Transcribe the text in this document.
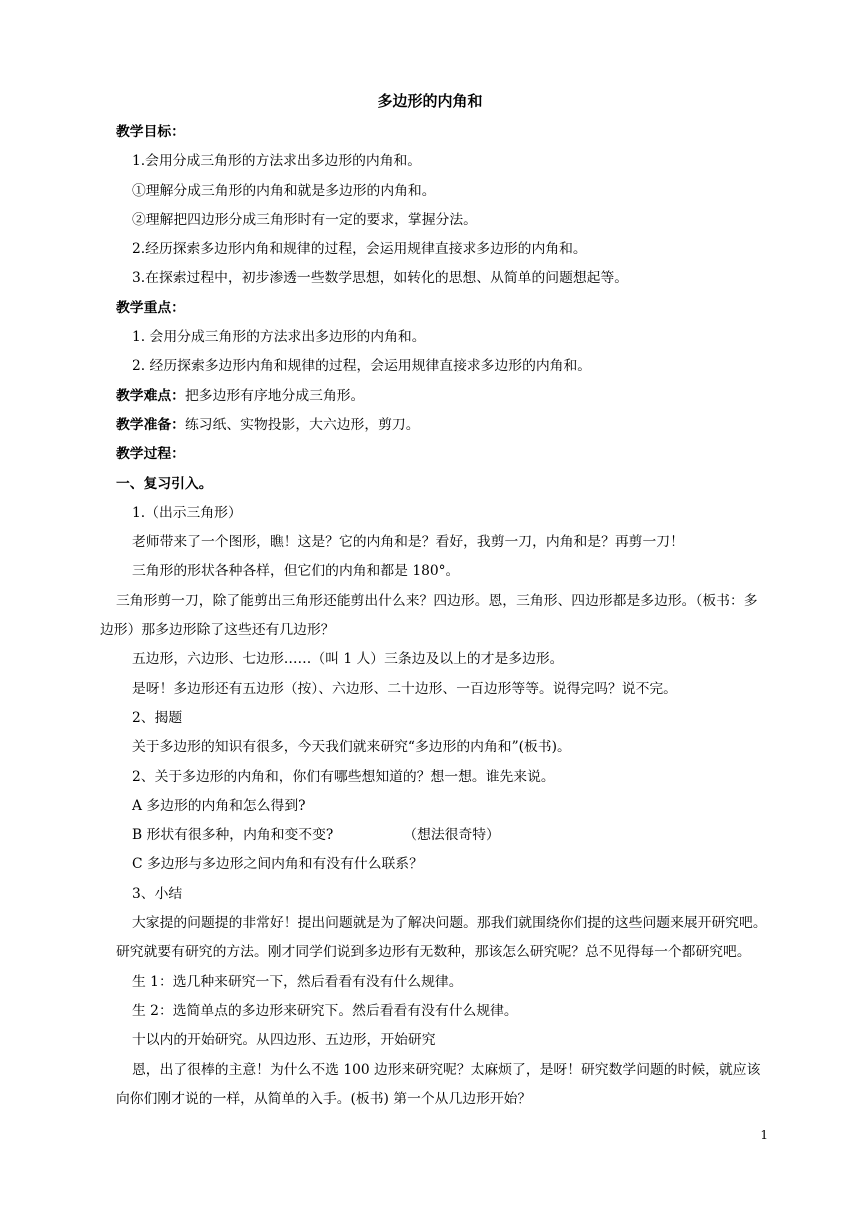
多边形的内角和

教学目标：

1.会用分成三角形的方法求出多边形的内角和。

①理解分成三角形的内角和就是多边形的内角和。

②理解把四边形分成三角形时有一定的要求，掌握分法。

2.经历探索多边形内角和规律的过程，会运用规律直接求多边形的内角和。

3.在探索过程中，初步渗透一些数学思想，如转化的思想、从简单的问题想起等。

教学重点：

1. 会用分成三角形的方法求出多边形的内角和。

2. 经历探索多边形内角和规律的过程，会运用规律直接求多边形的内角和。

教学难点：把多边形有序地分成三角形。

教学准备：练习纸、实物投影，大六边形，剪刀。

教学过程：

一、复习引入。

1.（出示三角形）

老师带来了一个图形，瞧！这是？它的内角和是？看好，我剪一刀，内角和是？再剪一刀！

三角形的形状各种各样，但它们的内角和都是 180°。

三角形剪一刀，除了能剪出三角形还能剪出什么来？四边形。恩，三角形、四边形都是多边形。（板书：多边形）那多边形除了这些还有几边形？

五边形，六边形、七边形……（叫 1 人）三条边及以上的才是多边形。

是呀！多边形还有五边形（按）、六边形、二十边形、一百边形等等。说得完吗？说不完。

2、揭题

关于多边形的知识有很多，今天我们就来研究“多边形的内角和”(板书)。

2、关于多边形的内角和，你们有哪些想知道的？想一想。谁先来说。

A 多边形的内角和怎么得到?

B 形状有很多种，内角和变不变?	（想法很奇特）

C 多边形与多边形之间内角和有没有什么联系？

3、小结

大家提的问题提的非常好！提出问题就是为了解决问题。那我们就围绕你们提的这些问题来展开研究吧。研究就要有研究的方法。刚才同学们说到多边形有无数种，那该怎么研究呢？总不见得每一个都研究吧。

生 1：选几种来研究一下，然后看看有没有什么规律。

生 2：选简单点的多边形来研究下。然后看看有没有什么规律。

十以内的开始研究。从四边形、五边形，开始研究

恩，出了很棒的主意！为什么不选 100 边形来研究呢？太麻烦了，是呀！研究数学问题的时候，就应该向你们刚才说的一样，从简单的入手。(板书) 第一个从几边形开始？

1
